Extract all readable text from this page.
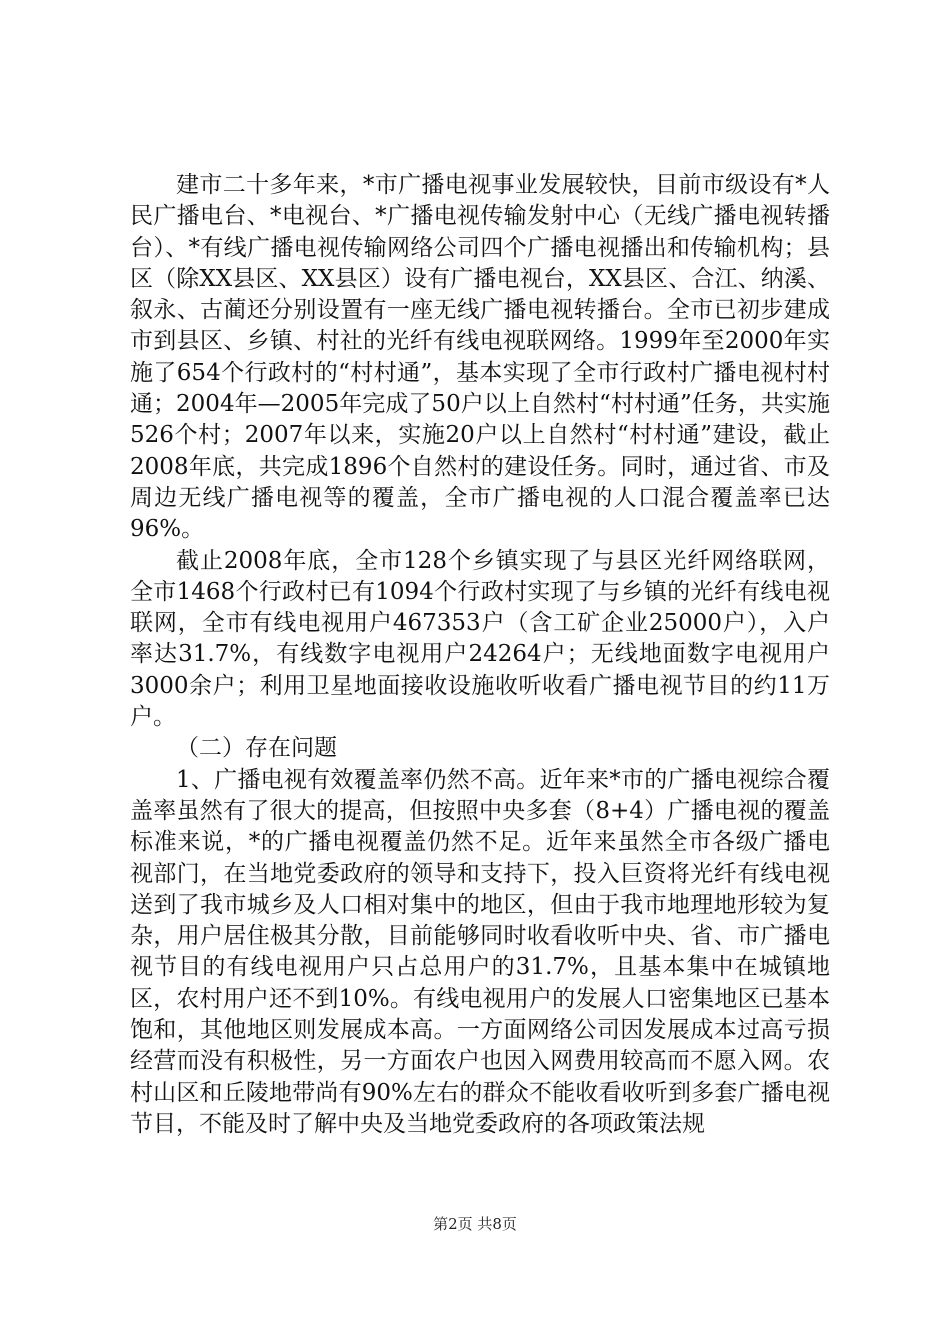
建市二十多年来，*市广播电视事业发展较快，目前市级设有*人民广播电台、*电视台、*广播电视传输发射中心（无线广播电视转播台）、*有线广播电视传输网络公司四个广播电视播出和传输机构；县区（除XX县区、XX县区）设有广播电视台，XX县区、合江、纳溪、叙永、古蔺还分别设置有一座无线广播电视转播台。全市已初步建成市到县区、乡镇、村社的光纤有线电视联网络。1999年至2000年实施了654个行政村的“村村通”，基本实现了全市行政村广播电视村村通；2004年—2005年完成了50户以上自然村“村村通”任务，共实施526个村；2007年以来，实施20户以上自然村“村村通”建设，截止2008年底，共完成1896个自然村的建设任务。同时，通过省、市及周边无线广播电视等的覆盖，全市广播电视的人口混合覆盖率已达96%。

截止2008年底，全市128个乡镇实现了与县区光纤网络联网，全市1468个行政村已有1094个行政村实现了与乡镇的光纤有线电视联网，全市有线电视用户467353户（含工矿企业25000户），入户率达31.7%，有线数字电视用户24264户；无线地面数字电视用户3000余户；利用卫星地面接收设施收听收看广播电视节目的约11万户。

（二）存在问题

1、广播电视有效覆盖率仍然不高。近年来*市的广播电视综合覆盖率虽然有了很大的提高，但按照中央多套（8+4）广播电视的覆盖标准来说，*的广播电视覆盖仍然不足。近年来虽然全市各级广播电视部门，在当地党委政府的领导和支持下，投入巨资将光纤有线电视送到了我市城乡及人口相对集中的地区，但由于我市地理地形较为复杂，用户居住极其分散，目前能够同时收看收听中央、省、市广播电视节目的有线电视用户只占总用户的31.7%，且基本集中在城镇地区，农村用户还不到10%。有线电视用户的发展人口密集地区已基本饱和，其他地区则发展成本高。一方面网络公司因发展成本过高亏损经营而没有积极性，另一方面农户也因入网费用较高而不愿入网。农村山区和丘陵地带尚有90%左右的群众不能收看收听到多套广播电视节目，不能及时了解中央及当地党委政府的各项政策法规

第2页 共8页
